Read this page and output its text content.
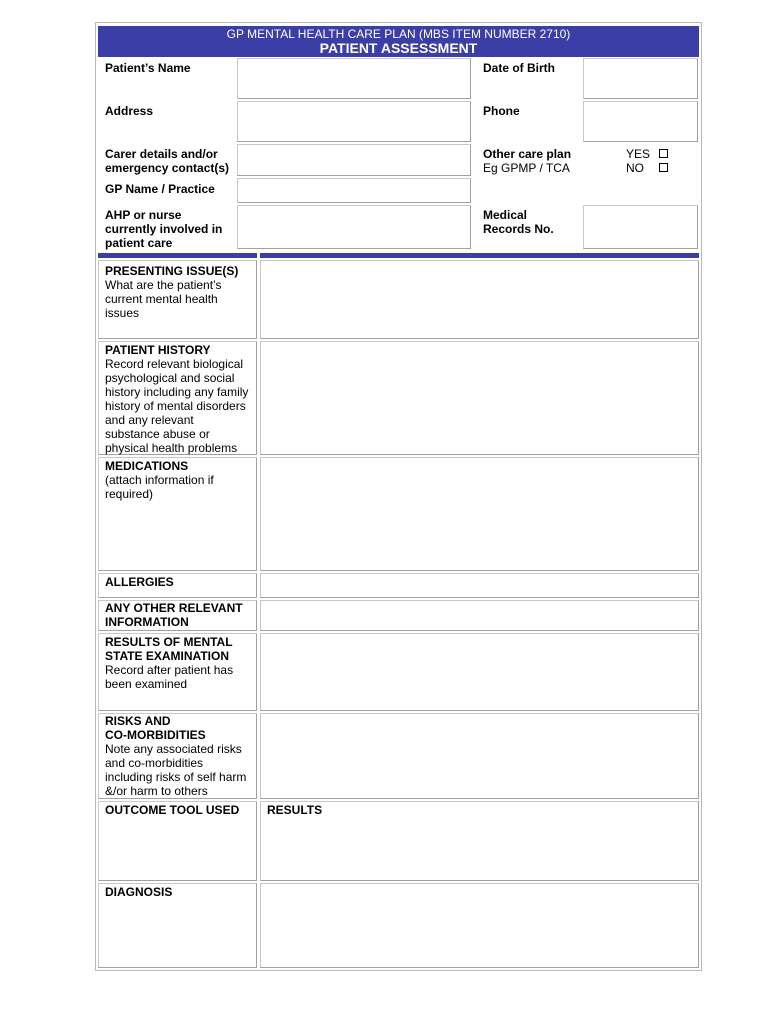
GP MENTAL HEALTH CARE PLAN (MBS ITEM NUMBER 2710)
PATIENT ASSESSMENT
Patient’s Name	Date of Birth
Address	Phone
Carer details and/or
emergency contact(s)
Other care plan
Eg GPMP / TCA
YES
NO
GP Name / Practice
AHP or nurse
currently involved in
patient care
Medical
Records No.
PRESENTING ISSUE(S)
What are the patient’s
current mental health
issues
PATIENT HISTORY
Record relevant biological
psychological and social
history including any family
history of mental disorders
and any relevant
substance abuse or
physical health problems
MEDICATIONS
(attach information if
required)
ALLERGIES
ANY OTHER RELEVANT
INFORMATION
RESULTS OF MENTAL
STATE EXAMINATION
Record after patient has
been examined
RISKS AND
CO-MORBIDITIES
Note any associated risks
and co-morbidities
including risks of self harm
&/or harm to others
OUTCOME TOOL USED RESULTS
DIAGNOSIS
